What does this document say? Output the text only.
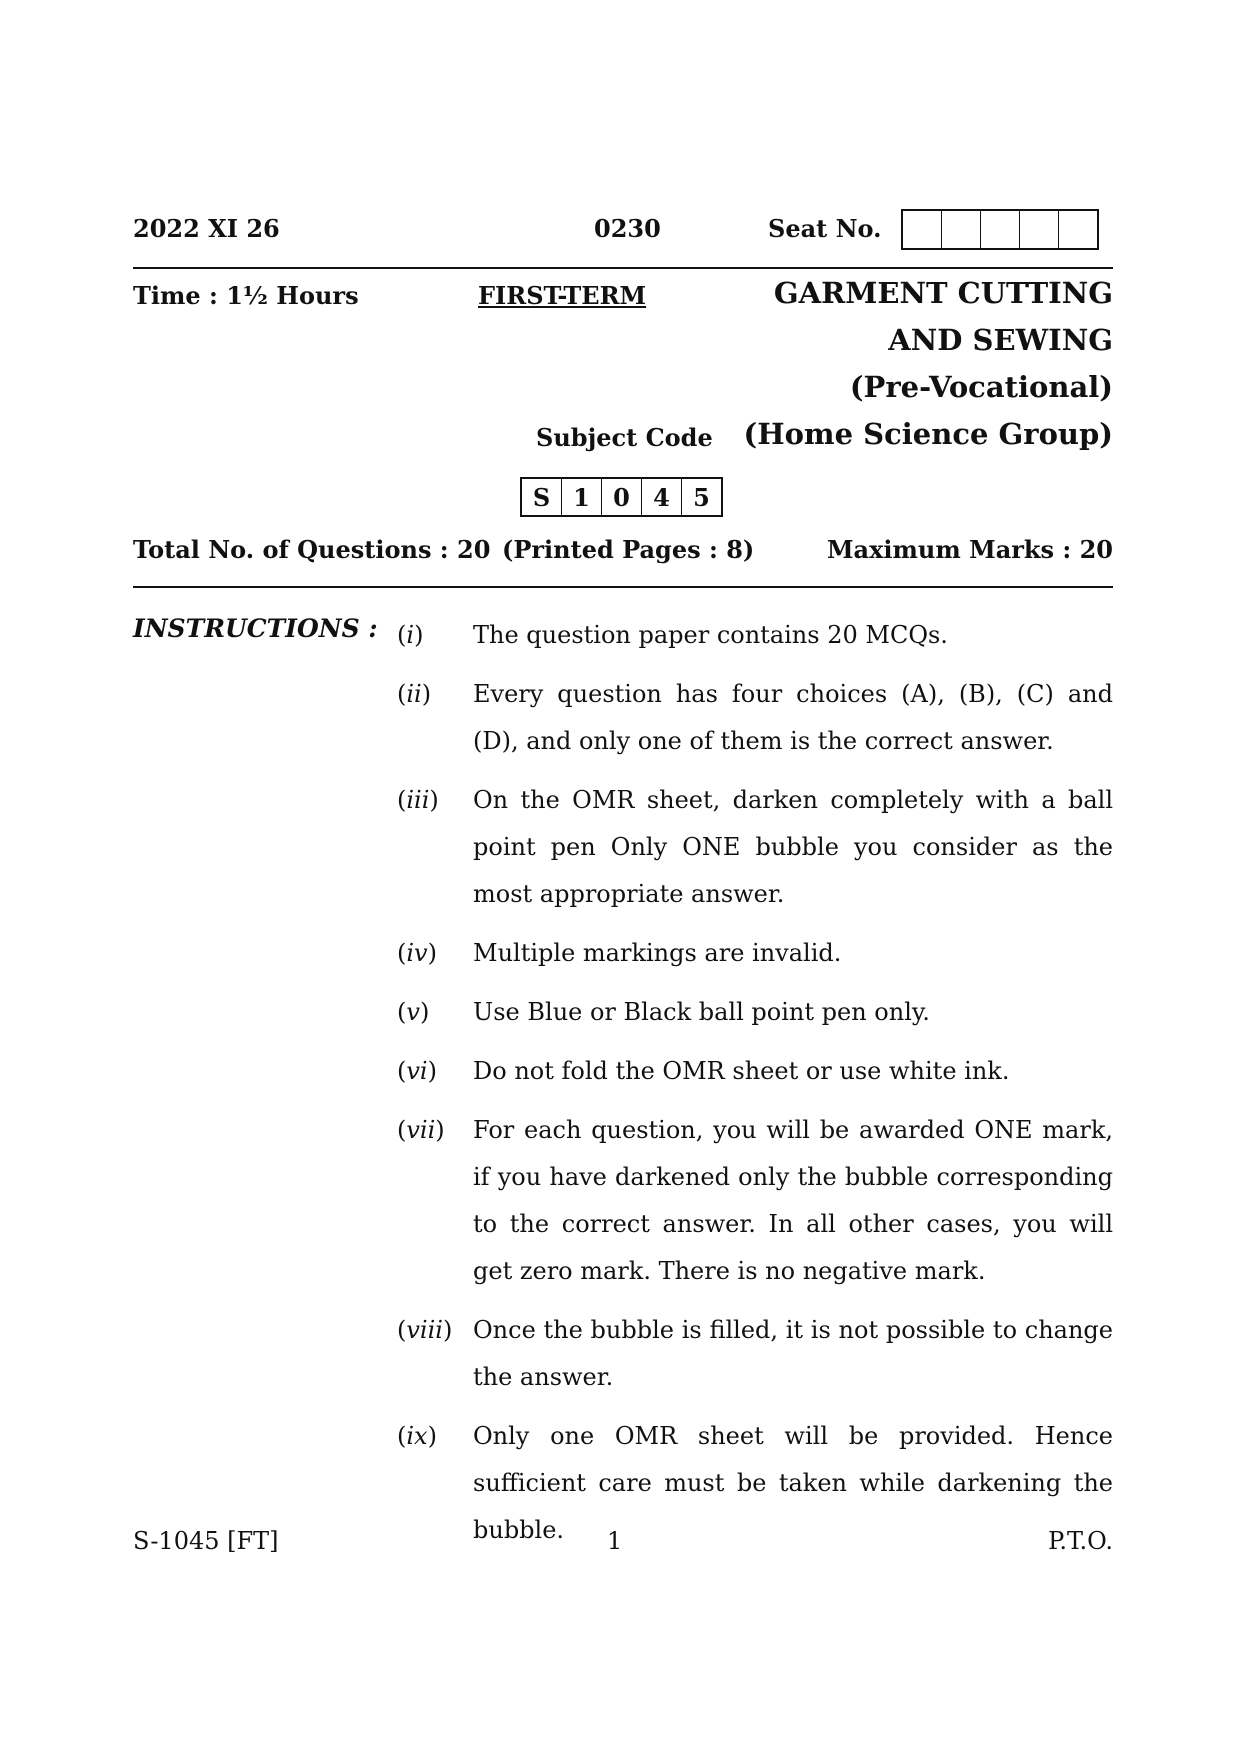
2022 XI 26	0230	Seat No.
Time : 1½ Hours	FIRST-TERM	GARMENT CUTTING
AND SEWING
(Pre-Vocational)
(Home Science Group)
Subject Code
S 1 0 4 5
Total No. of Questions : 20 (Printed Pages : 8)	Maximum Marks : 20
INSTRUCTIONS : (i)	The question paper contains 20 MCQs.
(ii)	Every question has four choices (A), (B), (C) and (D), and only one of them is the correct answer.
(iii)	On the OMR sheet, darken completely with a ball point pen Only ONE bubble you consider as the most appropriate answer.
(iv)	Multiple markings are invalid.
(v)	Use Blue or Black ball point pen only.
(vi)	Do not fold the OMR sheet or use white ink.
(vii)	For each question, you will be awarded ONE mark, if you have darkened only the bubble corresponding to the correct answer. In all other cases, you will get zero mark. There is no negative mark.
(viii) Once the bubble is filled, it is not possible to change the answer.
(ix)	Only one OMR sheet will be provided. Hence sufficient care must be taken while darkening the bubble.
S-1045 [FT]	1	P.T.O.
